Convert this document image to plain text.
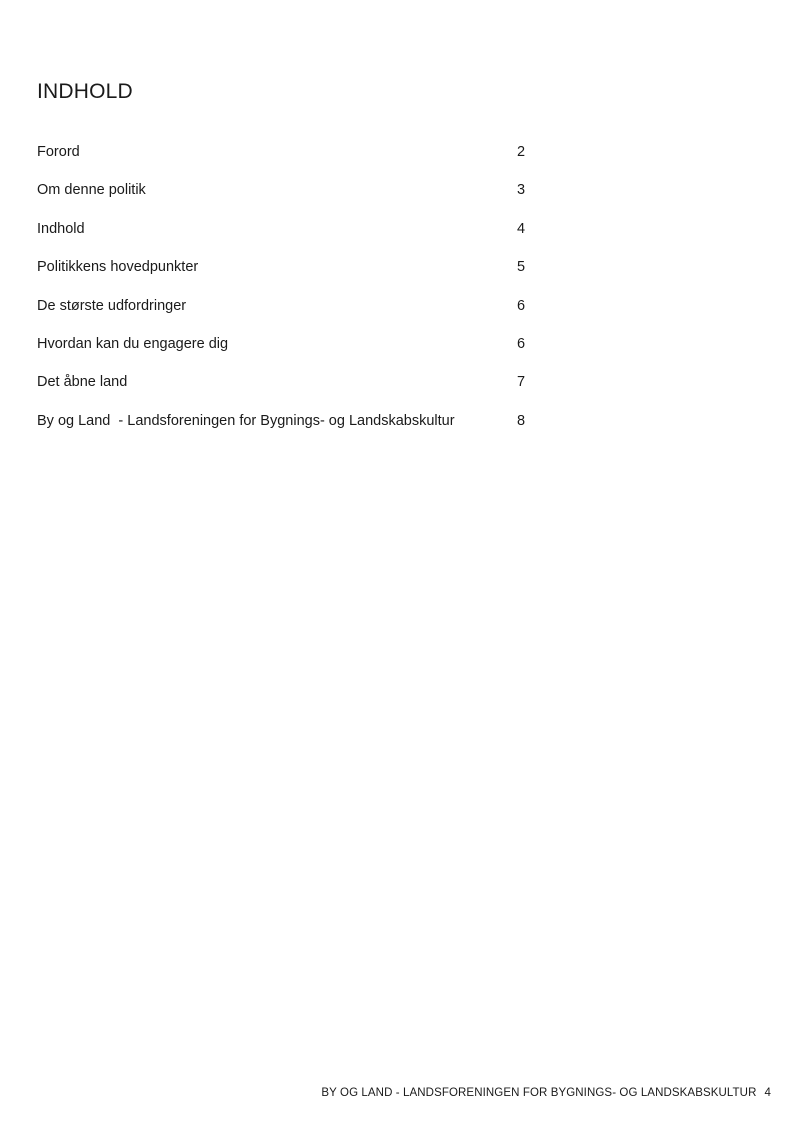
INDHOLD
Forord	2
Om denne politik	3
Indhold	4
Politikkens hovedpunkter	5
De største udfordringer	6
Hvordan kan du engagere dig	6
Det åbne land	7
By og Land  - Landsforeningen for Bygnings- og Landskabskultur	8
BY OG LAND - LANDSFORENINGEN FOR BYGNINGS- OG LANDSKABSKULTUR 4
